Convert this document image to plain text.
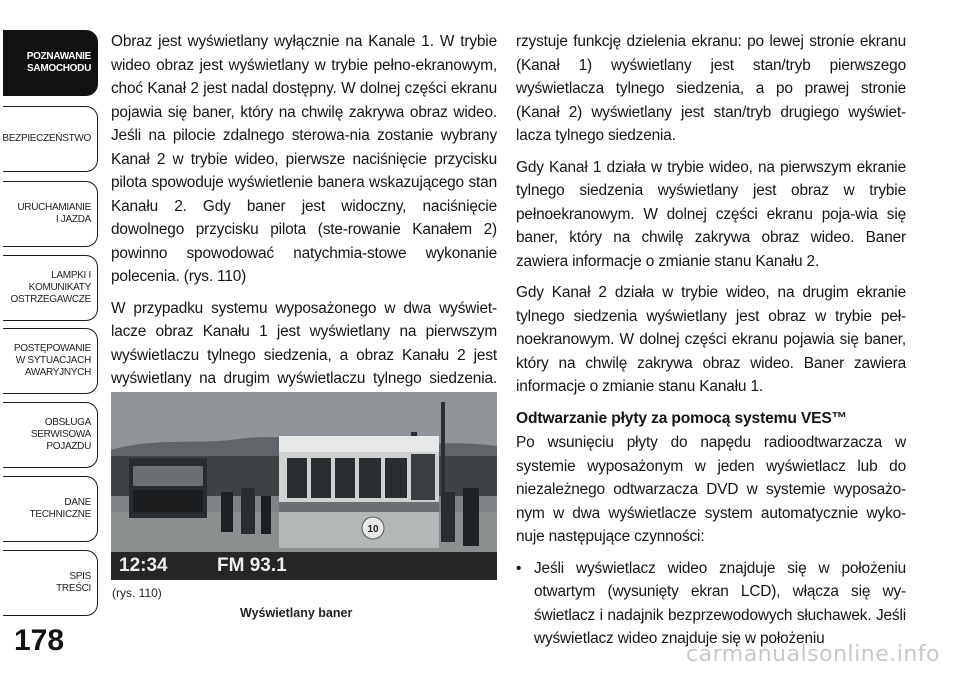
POZNAWANIE
SAMOCHODU
BEZPIECZEŃSTWO
URUCHAMIANIE
I JAZDA
LAMPKI I
KOMUNIKATY
OSTRZEGAWCZE
POSTĘPOWANIE
W SYTUACJACH
AWARYJNYCH
OBSŁUGA
SERWISOWA
POJAZDU
DANE
TECHNICZNE
SPIS
TREŚCI
178

Obraz jest wyświetlany wyłącznie na Kanale 1. W trybie wideo obraz jest wyświetlany w trybie pełno-ekranowym, choć Kanał 2 jest nadal dostępny. W dolnej części ekranu pojawia się baner, który na chwilę zakrywa obraz wideo. Jeśli na pilocie zdalnego sterowa-nia zostanie wybrany Kanał 2 w trybie wideo, pierwsze naciśnięcie przycisku pilota spowoduje wyświetlenie banera wskazującego stan Kanału 2. Gdy baner jest widoczny, naciśnięcie dowolnego przycisku pilota (ste-rowanie Kanałem 2) powinno spowodować natychmia-stowe wykonanie polecenia. (rys. 110)

W przypadku systemu wyposażonego w dwa wyświet-lacze obraz Kanału 1 jest wyświetlany na pierwszym wyświetlaczu tylnego siedzenia, a obraz Kanału 2 jest wyświetlany na drugim wyświetlaczu tylnego siedzenia.

10
12:34	FM 93.1
(rys. 110)
Wyświetlany baner

rzystuje funkcję dzielenia ekranu: po lewej stronie ekranu (Kanał 1) wyświetlany jest stan/tryb pierwszego wyświetlacza tylnego siedzenia, a po prawej stronie (Kanał 2) wyświetlany jest stan/tryb drugiego wyświet-lacza tylnego siedzenia.

Gdy Kanał 1 działa w trybie wideo, na pierwszym ekranie tylnego siedzenia wyświetlany jest obraz w trybie pełnoekranowym. W dolnej części ekranu poja-wia się baner, który na chwilę zakrywa obraz wideo. Baner zawiera informacje o zmianie stanu Kanału 2.

Gdy Kanał 2 działa w trybie wideo, na drugim ekranie tylnego siedzenia wyświetlany jest obraz w trybie peł-noekranowym. W dolnej części ekranu pojawia się baner, który na chwilę zakrywa obraz wideo. Baner zawiera informacje o zmianie stanu Kanału 1.

Odtwarzanie płyty za pomocą systemu VES™

Po wsunięciu płyty do napędu radioodtwarzacza w systemie wyposażonym w jeden wyświetlacz lub do niezależnego odtwarzacza DVD w systemie wyposażo-nym w dwa wyświetlacze system automatycznie wyko-nuje następujące czynności:

• Jeśli wyświetlacz wideo znajduje się w położeniu otwartym (wysunięty ekran LCD), włącza się wy-świetlacz i nadajnik bezprzewodowych słuchawek. Jeśli wyświetlacz wideo znajduje się w położeniu
carmanualsonline.info
